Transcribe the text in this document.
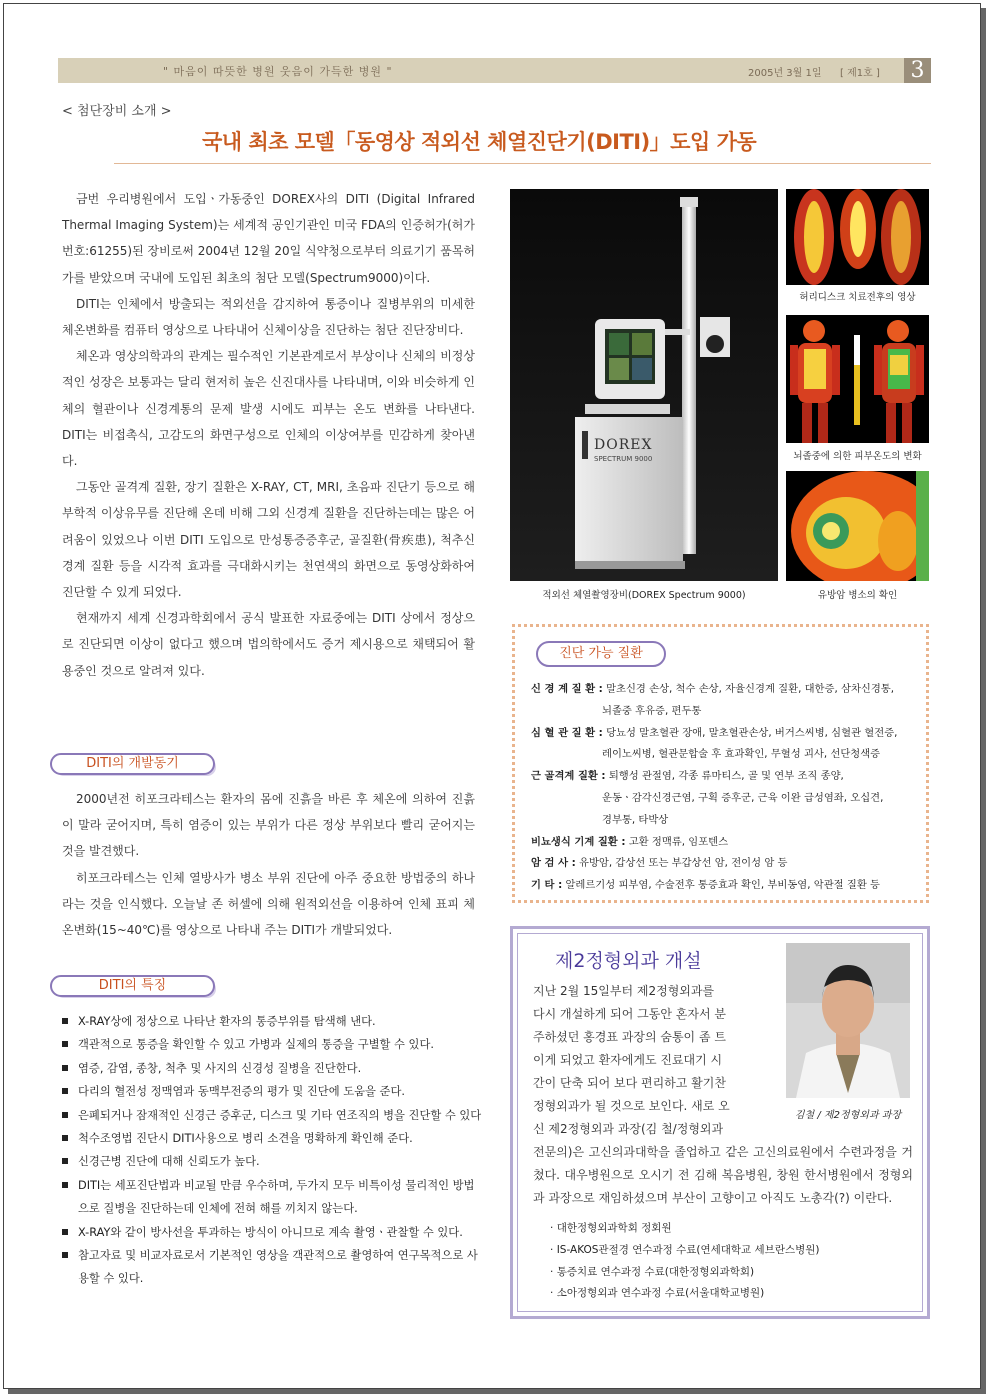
" 마음이 따뜻한 병원 웃음이 가득한 병원 "	2005년 3월 1일 [ 제1호 ] 3
< 첨단장비 소개 >
국내 최초 모델「동영상 적외선 체열진단기(DITI)」도입 가동

금번 우리병원에서 도입ㆍ가동중인 DOREX사의 DITI (Digital Infrared Thermal Imaging System)는 세계적 공인기관인 미국 FDA의 인증허가(허가번호:61255)된 장비로써 2004년 12월 20일 식약청으로부터 의료기기 품목허가를 받았으며 국내에 도입된 최초의 첨단 모델(Spectrum9000)이다.

DITI는 인체에서 방출되는 적외선을 감지하여 통증이나 질병부위의 미세한 체온변화를 컴퓨터 영상으로 나타내어 신체이상을 진단하는 첨단 진단장비다.

체온과 영상의학과의 관계는 필수적인 기본관계로서 부상이나 신체의 비정상적인 성장은 보통과는 달리 현저히 높은 신진대사를 나타내며, 이와 비슷하게 인체의 혈관이나 신경계통의 문제 발생 시에도 피부는 온도 변화를 나타낸다. DITI는 비접촉식, 고감도의 화면구성으로 인체의 이상여부를 민감하게 찾아낸다.

그동안 골격계 질환, 장기 질환은 X-RAY, CT, MRI, 초음파 진단기 등으로 해부학적 이상유무를 진단해 온데 비해 그외 신경계 질환을 진단하는데는 많은 어려움이 있었으나 이번 DITI 도입으로 만성통증증후군, 골질환(骨疾患), 척추신경계 질환 등을 시각적 효과를 극대화시키는 천연색의 화면으로 동영상화하여 진단할 수 있게 되었다.

현재까지 세계 신경과학회에서 공식 발표한 자료중에는 DITI 상에서 정상으로 진단되면 이상이 없다고 했으며 법의학에서도 증거 제시용으로 채택되어 활용중인 것으로 알려져 있다.

DITI의 개발동기

2000년전 히포크라테스는 환자의 몸에 진흙을 바른 후 체온에 의하여 진흙이 말라 굳어지며, 특히 염증이 있는 부위가 다른 정상 부위보다 빨리 굳어지는 것을 발견했다.

히포크라테스는 인체 열방사가 병소 부위 진단에 아주 중요한 방법중의 하나라는 것을 인식했다. 오늘날 존 허셀에 의해 원적외선을 이용하여 인체 표피 체온변화(15~40℃)를 영상으로 나타내 주는 DITI가 개발되었다.

DITI의 특징
X-RAY상에 정상으로 나타난 환자의 통증부위를 탐색해 낸다.
객관적으로 통증을 확인할 수 있고 가병과 실제의 통증을 구별할 수 있다.
염증, 감염, 종창, 척추 및 사지의 신경성 질병을 진단한다.
다리의 혈전성 정맥염과 동맥부전증의 평가 및 진단에 도움을 준다.
은폐되거나 잠재적인 신경근 증후군, 디스크 및 기타 연조직의 병을 진단할 수 있다
척수조영법 진단시 DITI사용으로 병리 소견을 명확하게 확인해 준다.
신경근병 진단에 대해 신뢰도가 높다.
DITI는 세포진단법과 비교될 만큼 우수하며, 두가지 모두 비특이성 물리적인 방법으로 질병을 진단하는데 인체에 전혀 해를 끼치지 않는다.
X-RAY와 같이 방사선을 투과하는 방식이 아니므로 계속 촬영ㆍ관찰할 수 있다.
참고자료 및 비교자료로서 기본적인 영상을 객관적으로 촬영하여 연구목적으로 사용할 수 있다.
DOREX
SPECTRUM 9000
적외선 체열촬영장비(DOREX Spectrum 9000)
허리디스크 치료전후의 영상
뇌졸중에 의한 피부온도의 변화
유방암 병소의 확인
진단 가능 질환
신 경 계 질 환 : 말초신경 손상, 척수 손상, 자율신경계 질환, 대한증, 삼차신경통,
뇌졸중 후유증, 편두통
심 혈 관 질 환 : 당뇨성 말초혈관 장애, 말초혈관손상, 버거스씨병, 심혈관 혈전증,
레이노씨병, 혈관문합술 후 효과확인, 무혈성 괴사, 선단청색증
근 골격계 질환 : 퇴행성 관절염, 각종 류마티스, 골 및 연부 조직 종양,
운동ㆍ감각신경근염, 구획 증후군, 근육 이완 급성염좌, 오십견,
경부통, 타박상
비뇨생식 기계 질환 : 고환 정맥류, 임포텐스
암 검 사 : 유방암, 갑상선 또는 부갑상선 암, 전이성 암 등
기 타 : 알레르기성 피부염, 수술전후 통증효과 확인, 부비동염, 악관절 질환 등
제2정형외과 개설
지난 2월 15일부터 제2정형외과를
다시 개설하게 되어 그동안 혼자서 분
주하셨던 홍경표 과장의 숨통이 좀 트
이게 되었고 환자에게도 진료대기 시
간이 단축 되어 보다 편리하고 활기찬
정형외과가 될 것으로 보인다. 새로 오
신 제2정형외과 과장(김 철/정형외과
전문의)은 고신의과대학을 졸업하고 같은 고신의료원에서 수련과정을 거쳤다. 대우병원으로 오시기 전 김해 복음병원, 창원 한서병원에서 정형외과 과장으로 재임하셨으며 부산이 고향이고 아직도 노총각(?) 이란다.
김철 / 제2정형외과 과장
· 대한정형외과학회 정회원
· IS-AKOS관절경 연수과정 수료(연세대학교 세브란스병원)
· 통증치료 연수과정 수료(대한정형외과학회)
· 소아정형외과 연수과정 수료(서울대학교병원)
